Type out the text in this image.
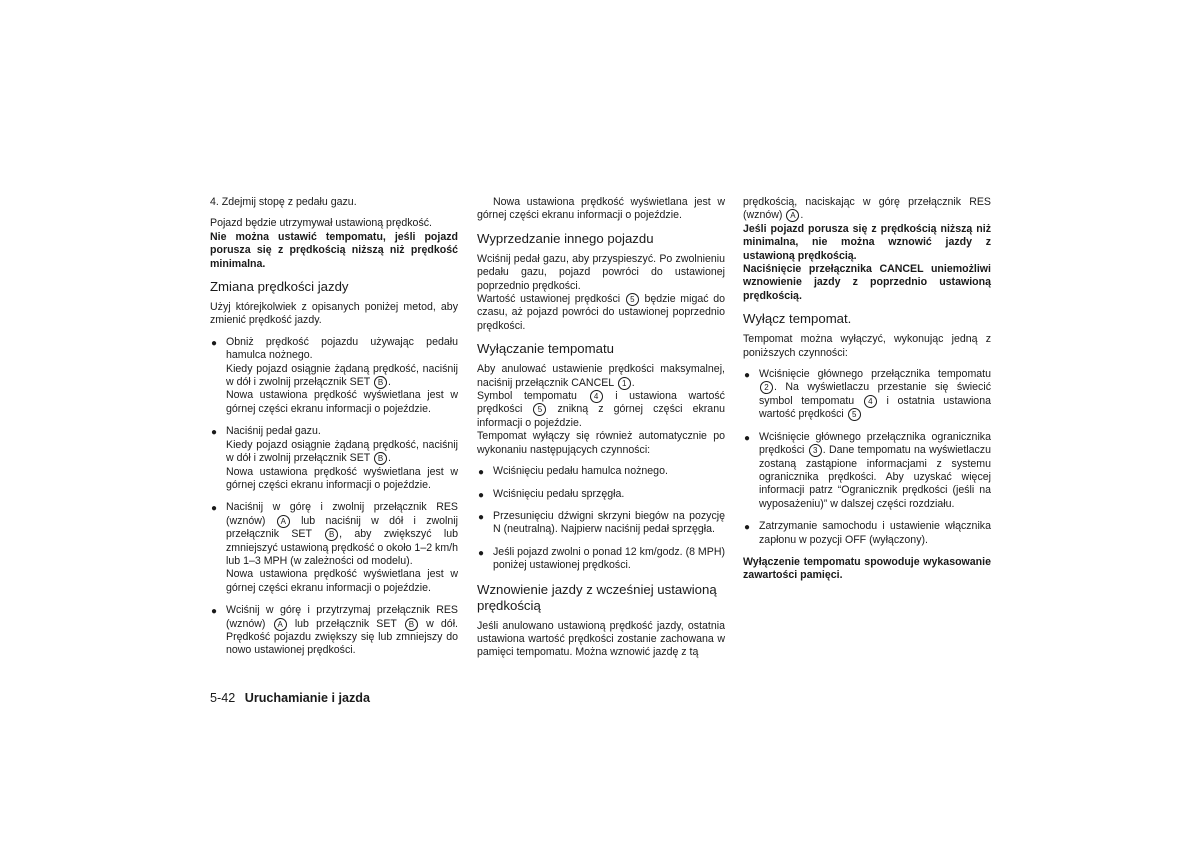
4. Zdejmij stopę z pedału gazu.

Pojazd będzie utrzymywał ustawioną prędkość.
Nie można ustawić tempomatu, jeśli pojazd porusza się z prędkością niższą niż prędkość minimalna.

Zmiana prędkości jazdy

Użyj którejkolwiek z opisanych poniżej metod, aby zmienić prędkość jazdy.

● Obniż prędkość pojazdu używając pedału hamulca nożnego.
Kiedy pojazd osiągnie żądaną prędkość, naciśnij w dół i zwolnij przełącznik SET B .
Nowa ustawiona prędkość wyświetlana jest w górnej części ekranu informacji o pojeździe.
● Naciśnij pedał gazu.
Kiedy pojazd osiągnie żądaną prędkość, naciśnij w dół i zwolnij przełącznik SET B .
Nowa ustawiona prędkość wyświetlana jest w górnej części ekranu informacji o pojeździe.
● Naciśnij w górę i zwolnij przełącznik RES (wznów) A lub naciśnij w dół i zwolnij przełącznik SET B , aby zwiększyć lub zmniejszyć ustawioną prędkość o około 1–2 km/h lub 1–3 MPH (w zależności od modelu).
Nowa ustawiona prędkość wyświetlana jest w górnej części ekranu informacji o pojeździe.
● Wciśnij w górę i przytrzymaj przełącznik RES (wznów) A lub przełącznik SET B w dół. Prędkość pojazdu zwiększy się lub zmniejszy do nowo ustawionej prędkości.

Nowa ustawiona prędkość wyświetlana jest w górnej części ekranu informacji o pojeździe.

Wyprzedzanie innego pojazdu

Wciśnij pedał gazu, aby przyspieszyć. Po zwolnieniu pedału gazu, pojazd powróci do ustawionej poprzednio prędkości.

Wartość ustawionej prędkości 5 będzie migać do czasu, aż pojazd powróci do ustawionej poprzednio prędkości.

Wyłączanie tempomatu

Aby anulować ustawienie prędkości maksymalnej, naciśnij przełącznik CANCEL 1 .

Symbol tempomatu 4 i ustawiona wartość prędkości 5 znikną z górnej części ekranu informacji o pojeździe.

Tempomat wyłączy się również automatycznie po wykonaniu następujących czynności:

● Wciśnięciu pedału hamulca nożnego.
● Wciśnięciu pedału sprzęgła.
● Przesunięciu dźwigni skrzyni biegów na pozycję N (neutralną). Najpierw naciśnij pedał sprzęgła.
● Jeśli pojazd zwolni o ponad 12 km/godz. (8 MPH) poniżej ustawionej prędkości.
Wznowienie jazdy z wcześniej ustawioną prędkością

Jeśli anulowano ustawioną prędkość jazdy, ostatnia ustawiona wartość prędkości zostanie zachowana w pamięci tempomatu. Można wznowić jazdę z tą

prędkością, naciskając w górę przełącznik RES (wznów) A .

Jeśli pojazd porusza się z prędkością niższą niż minimalna, nie można wznowić jazdy z ustawioną prędkością.

Naciśnięcie przełącznika CANCEL uniemożliwi wznowienie jazdy z poprzednio ustawioną prędkością.

Wyłącz tempomat.

Tempomat można wyłączyć, wykonując jedną z poniższych czynności:

● Wciśnięcie głównego przełącznika tempomatu 2 . Na wyświetlaczu przestanie się świecić symbol tempomatu 4 i ostatnia ustawiona wartość prędkości 5
● Wciśnięcie głównego przełącznika ogranicznika prędkości 3 . Dane tempomatu na wyświetlaczu zostaną zastąpione informacjami z systemu ogranicznika prędkości. Aby uzyskać więcej informacji patrz “Ogranicznik prędkości (jeśli na wyposażeniu)” w dalszej części rozdziału.
● Zatrzymanie samochodu i ustawienie włącznika zapłonu w pozycji OFF (wyłączony).

Wyłączenie tempomatu spowoduje wykasowanie zawartości pamięci.

5-42 Uruchamianie i jazda
